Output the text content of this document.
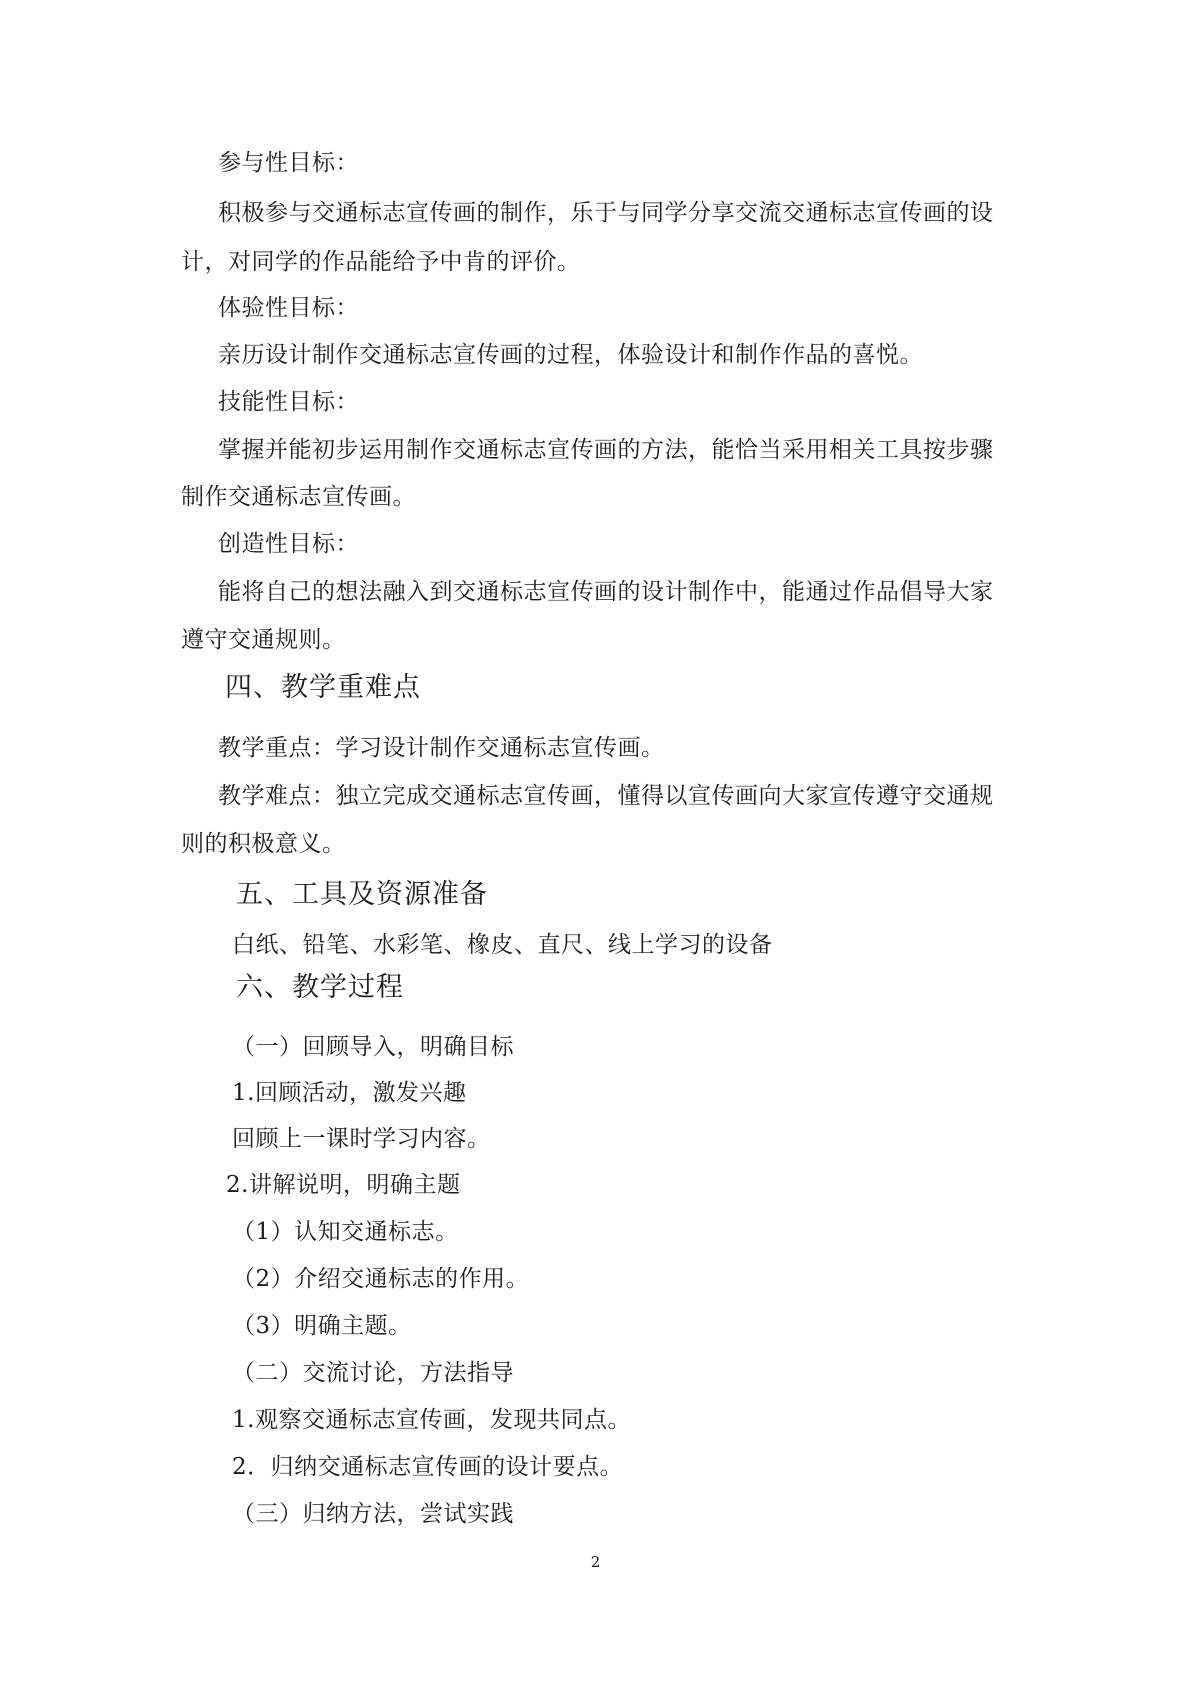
参与性目标：
积极参与交通标志宣传画的制作，乐于与同学分享交流交通标志宣传画的设
计，对同学的作品能给予中肯的评价。
体验性目标：
亲历设计制作交通标志宣传画的过程，体验设计和制作作品的喜悦。
技能性目标：
掌握并能初步运用制作交通标志宣传画的方法，能恰当采用相关工具按步骤
制作交通标志宣传画。
创造性目标：
能将自己的想法融入到交通标志宣传画的设计制作中，能通过作品倡导大家
遵守交通规则。
四、教学重难点
教学重点：学习设计制作交通标志宣传画。
教学难点：独立完成交通标志宣传画，懂得以宣传画向大家宣传遵守交通规
则的积极意义。
五、工具及资源准备
白纸、铅笔、水彩笔、橡皮、直尺、线上学习的设备
六、教学过程
（一）回顾导入，明确目标
1.回顾活动，激发兴趣
回顾上一课时学习内容。
2.讲解说明，明确主题
（1）认知交通标志。
（2）介绍交通标志的作用。
（3）明确主题。
（二）交流讨论，方法指导
1.观察交通标志宣传画，发现共同点。
2．归纳交通标志宣传画的设计要点。
（三）归纳方法，尝试实践
2
